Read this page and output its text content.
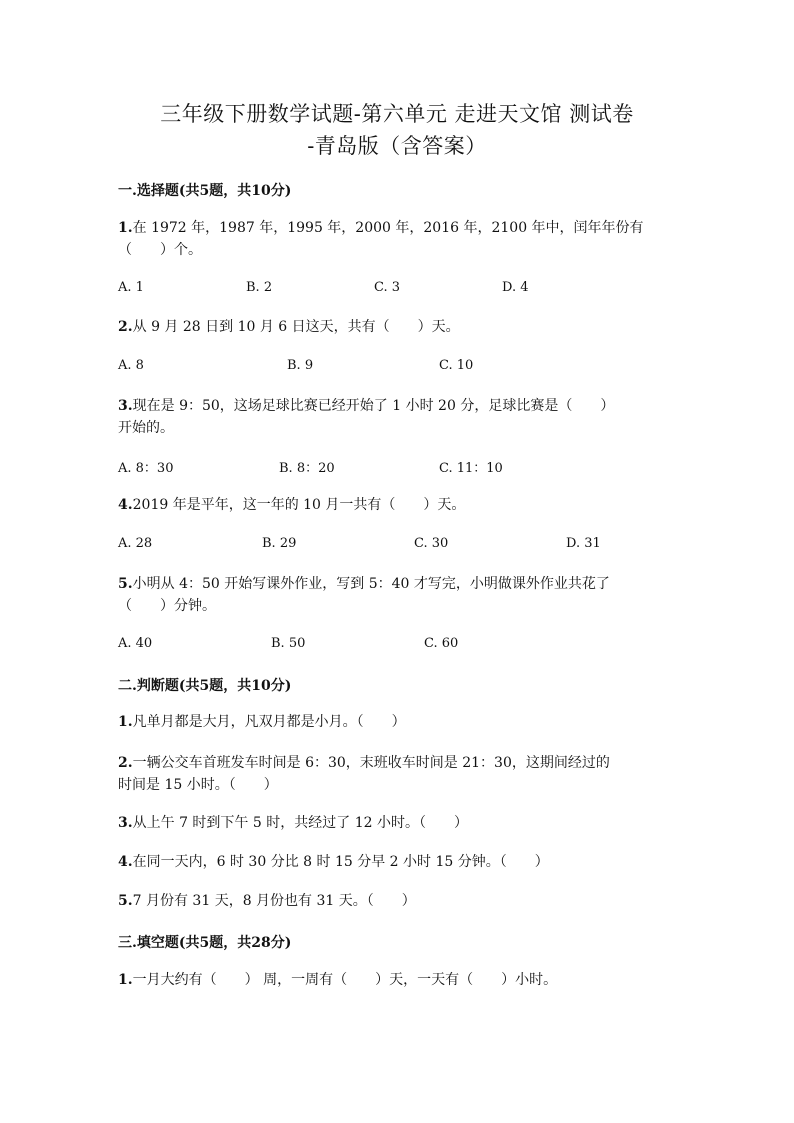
三年级下册数学试题-第六单元 走进天文馆 测试卷
-青岛版（含答案）
一.选择题(共5题，共10分)
1.在 1972 年，1987 年，1995 年，2000 年，2016 年，2100 年中，闰年年份有
（　　）个。
A. 1	B. 2	C. 3	D. 4
2.从 9 月 28 日到 10 月 6 日这天，共有（　　）天。
A. 8	B. 9	C. 10
3.现在是 9：50，这场足球比赛已经开始了 1 小时 20 分，足球比赛是（　　）
开始的。
A. 8：30	B. 8：20	C. 11：10
4.2019 年是平年，这一年的 10 月一共有（　　）天。
A. 28	B. 29	C. 30	D. 31
5.小明从 4：50 开始写课外作业，写到 5：40 才写完，小明做课外作业共花了
（　　）分钟。
A. 40	B. 50	C. 60
二.判断题(共5题，共10分)
1.凡单月都是大月，凡双月都是小月。（　　）
2.一辆公交车首班发车时间是 6：30，末班收车时间是 21：30，这期间经过的
时间是 15 小时。（　　）
3.从上午 7 时到下午 5 时，共经过了 12 小时。（　　）
4.在同一天内，6 时 30 分比 8 时 15 分早 2 小时 15 分钟。（　　）
5.7 月份有 31 天，8 月份也有 31 天。（　　）
三.填空题(共5题，共28分)
1.一月大约有（　　） 周，一周有（　　）天，一天有（　　）小时。
